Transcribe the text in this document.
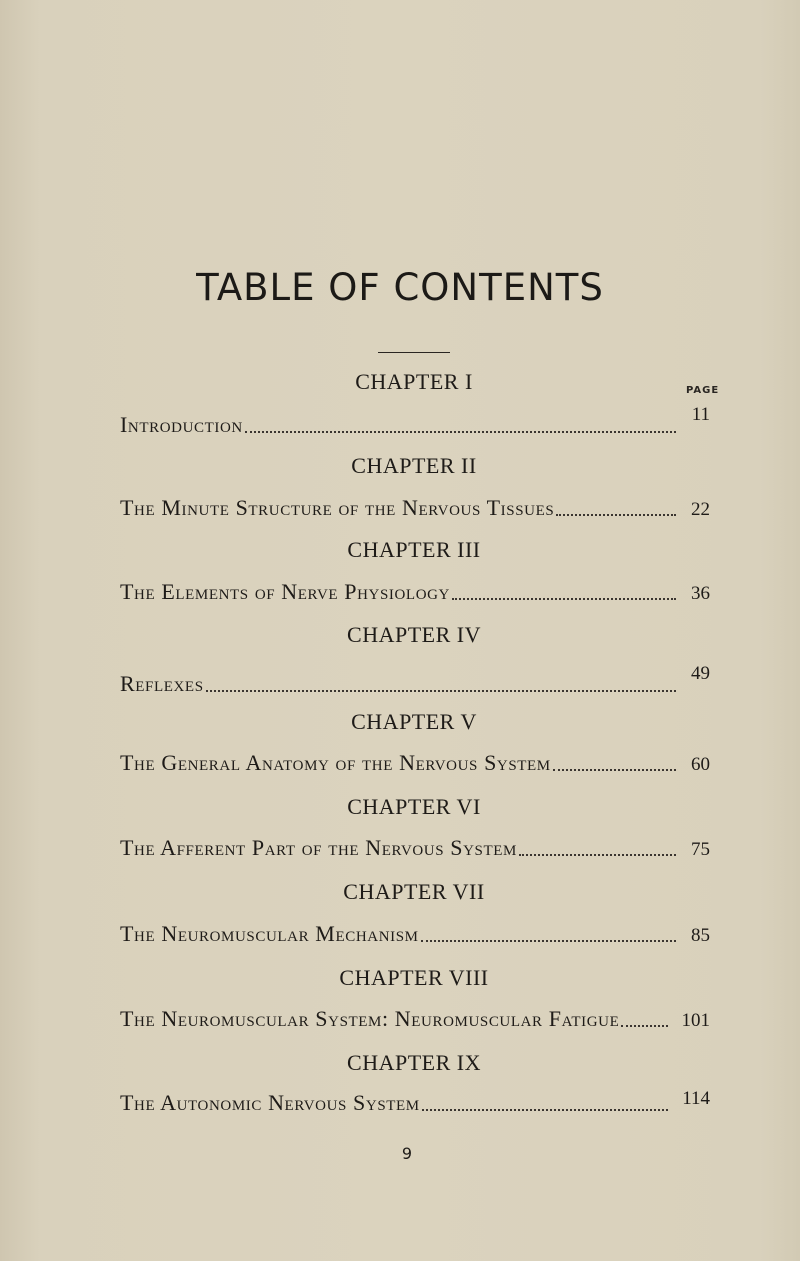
TABLE OF CONTENTS
PAGE
CHAPTER I
Introduction	11
CHAPTER II
The Minute Structure of the Nervous Tissues	22
CHAPTER III
The Elements of Nerve Physiology	36
CHAPTER IV
Reflexes	49
CHAPTER V
The General Anatomy of the Nervous System	60
CHAPTER VI
The Afferent Part of the Nervous System	75
CHAPTER VII
The Neuromuscular Mechanism	85
CHAPTER VIII
The Neuromuscular System: Neuromuscular Fatigue	101
CHAPTER IX
The Autonomic Nervous System	114
9
